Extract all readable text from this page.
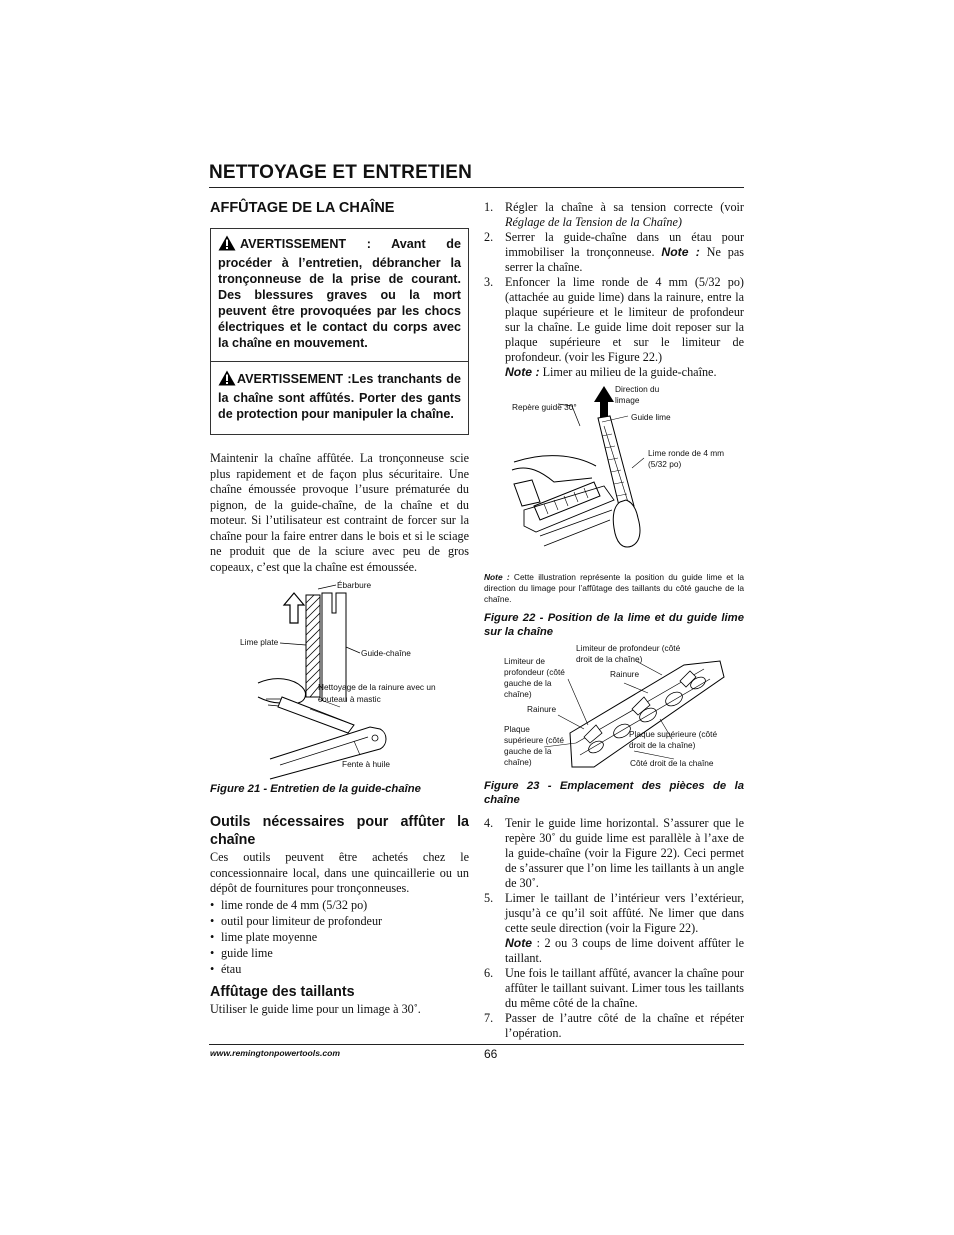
NETTOYAGE ET ENTRETIEN
AFFÛTAGE DE LA CHAÎNE
AVERTISSEMENT : Avant de procéder à l’entretien, débrancher la tronçonneuse de la prise de courant. Des blessures graves ou la mort peuvent être provoquées par les chocs électriques et le contact du corps avec la chaîne en mouvement.
AVERTISSEMENT :Les tranchants de la chaîne sont affûtés. Porter des gants de protection pour manipuler la chaîne.

Maintenir la chaîne affûtée. La tronçonneuse scie plus rapidement et de façon plus sécuritaire. Une chaîne émoussée provoque l’usure prématurée du pignon, de la guide-chaîne, de la chaîne et du moteur. Si l’utilisateur est contraint de forcer sur la chaîne pour la faire entrer dans le bois et si le sciage ne produit que de la sciure avec peu de gros copeaux, c’est que la chaîne est émoussée.

Ébarbure
Lime plate
Guide-chaîne
Nettoyage de la rainure avec un couteau à mastic
Fente à huile

Figure 21 - Entretien de la guide-chaîne

Outils nécessaires pour affûter la chaîne

Ces outils peuvent être achetés chez le concessionnaire local, dans une quincaillerie ou un dépôt de fournitures pour tronçonneuses.

• lime ronde de 4 mm (5/32 po)
• outil pour limiteur de profondeur
• lime plate moyenne
• guide lime
• étau
Affûtage des taillants

Utiliser le guide lime pour un limage à 30˚.

1. Régler la chaîne à sa tension correcte (voir Réglage de la Tension de la Chaîne)
2. Serrer la guide-chaîne dans un étau pour immobiliser la tronçonneuse. Note : Ne pas serrer la chaîne.
3. Enfoncer la lime ronde de 4 mm (5/32 po) (attachée au guide lime) dans la rainure, entre la plaque supérieure et le limiteur de profondeur sur la chaîne. Le guide lime doit reposer sur la plaque supérieure et sur le limiteur de profondeur. (voir les Figure 22.)
Note : Limer au milieu de la guide-chaîne.
Direction du limage
Repère guide 30°
Guide lime
Lime ronde de 4 mm (5/32 po)

Note : Cette illustration représente la position du guide lime et la direction du limage pour l’affûtage des taillants du côté gauche de la chaîne.

Figure 22 - Position de la lime et du guide lime sur la chaîne

Limiteur de profondeur (côté droit de la chaîne)
Limiteur de profondeur (côté gauche de la chaîne)
Rainure
Rainure
Plaque supérieure (côté gauche de la chaîne)
Plaque supérieure (côté droit de la chaîne)
Côté droit de la chaîne

Figure 23 - Emplacement des pièces de la chaîne

4. Tenir le guide lime horizontal. S’assurer que le repère 30˚ du guide lime est parallèle à l’axe de la guide-chaîne (voir la Figure 22). Ceci permet de s’assurer que l’on lime les taillants à un angle de 30˚.
5. Limer le taillant de l’intérieur vers l’extérieur, jusqu’à ce qu’il soit affûté. Ne limer que dans cette seule direction (voir la Figure 22).
Note : 2 ou 3 coups de lime doivent affûter le taillant.
6. Une fois le taillant affûté, avancer la chaîne pour affûter le taillant suivant. Limer tous les taillants du même côté de la chaîne.
7. Passer de l’autre côté de la chaîne et répéter l’opération.
www.remingtonpowertools.com	66
